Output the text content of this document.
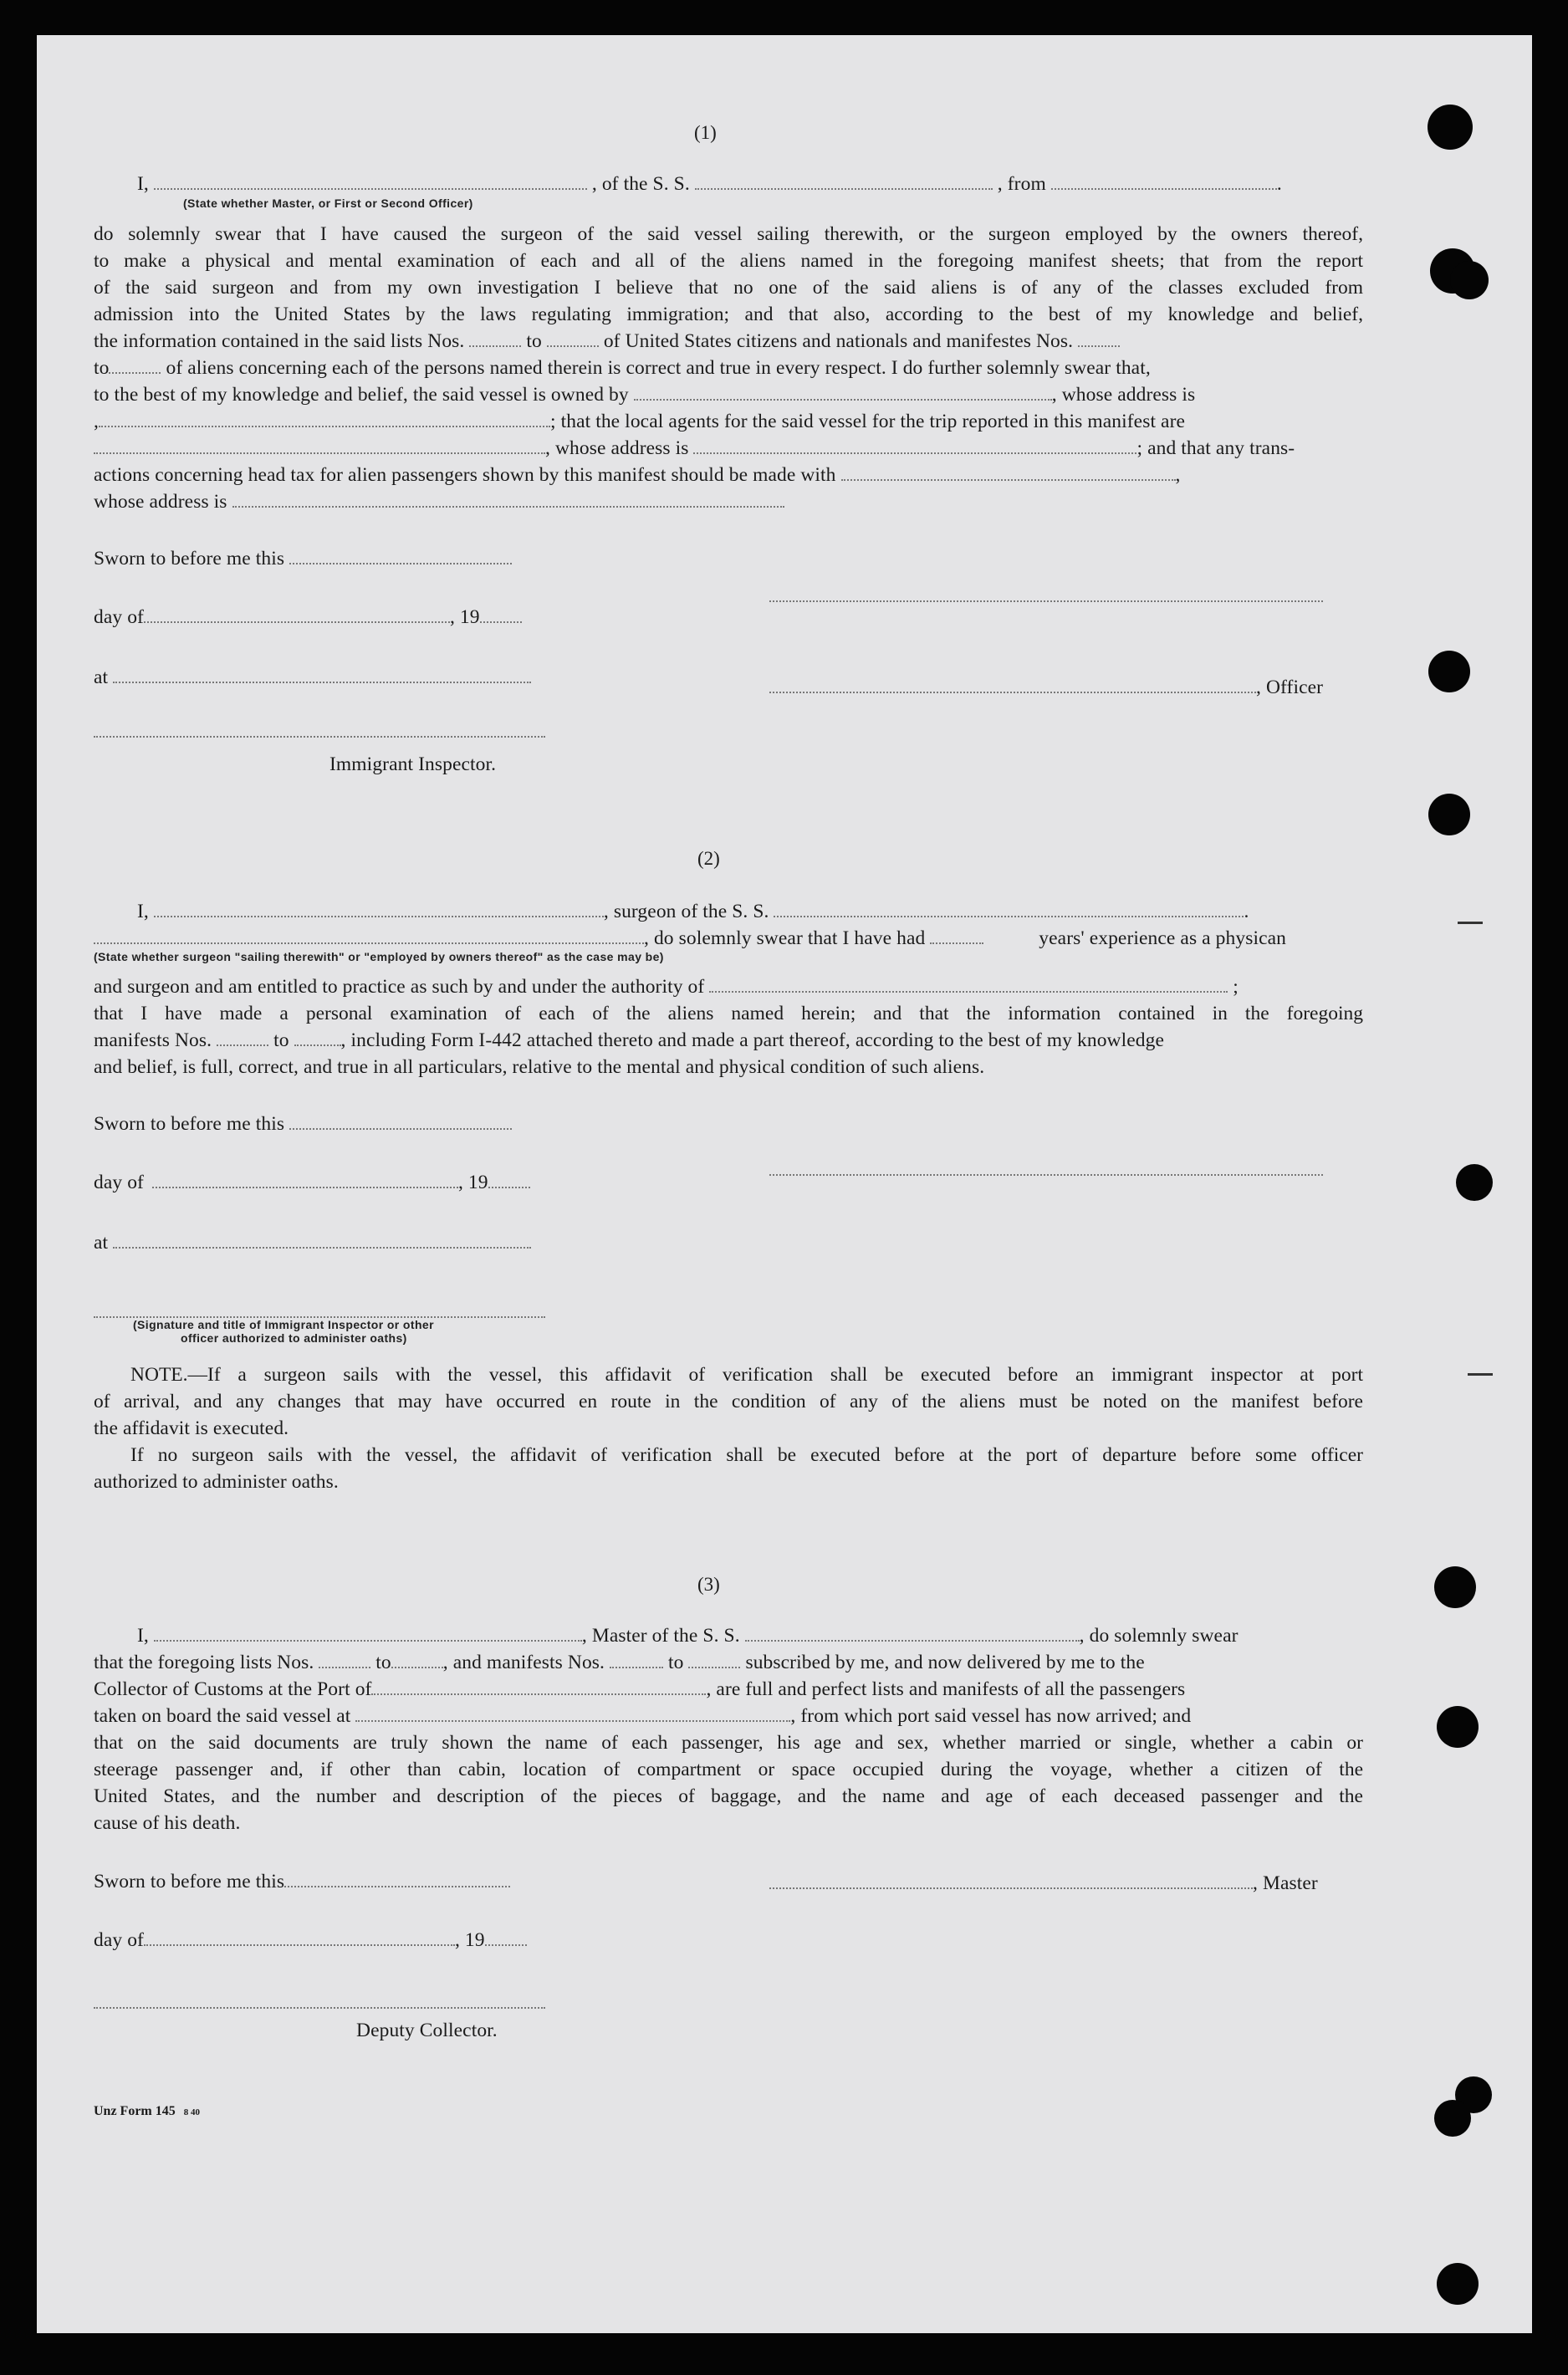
(1)
I,	, of the S. S.	, from	.
(State whether Master, or First or Second Officer)
do solemnly swear that I have caused the surgeon of the said vessel sailing therewith, or the surgeon employed by the owners thereof,
to make a physical and mental examination of each and all of the aliens named in the foregoing manifest sheets; that from the report
of the said surgeon and from my own investigation I believe that no one of the said aliens is of any of the classes excluded from
admission into the United States by the laws regulating immigration; and that also, according to the best of my knowledge and belief,
the information contained in the said lists Nos.	to	of United States citizens and nationals and manifestes Nos.
to	of aliens concerning each of the persons named therein is correct and true in every respect. I do further solemnly swear that,
to the best of my knowledge and belief, the said vessel is owned by	, whose address is
,	; that the local agents for the said vessel for the trip reported in this manifest are
, whose address is	; and that any trans-
actions concerning head tax for alien passengers shown by this manifest should be made with	,
whose address is
Sworn to before me this
day of	, 19
at	, Officer
Immigrant Inspector.
(2)
I,	, surgeon of the S. S.	.
, do solemnly swear that I have had	years' experience as a physican
(State whether surgeon "sailing therewith" or "employed by owners thereof" as the case may be)
and surgeon and am entitled to practice as such by and under the authority of	;
that I have made a personal examination of each of the aliens named herein; and that the information contained in the foregoing
manifests Nos.	to	, including Form I-442 attached thereto and made a part thereof, according to the best of my knowledge
and belief, is full, correct, and true in all particulars, relative to the mental and physical condition of such aliens.
Sworn to before me this
day of	, 19
at
(Signature and title of Immigrant Inspector or other
officer authorized to administer oaths)
NOTE.—If a surgeon sails with the vessel, this affidavit of verification shall be executed before an immigrant inspector at port
of arrival, and any changes that may have occurred en route in the condition of any of the aliens must be noted on the manifest before
the affidavit is executed.
If no surgeon sails with the vessel, the affidavit of verification shall be executed before at the port of departure before some officer
authorized to administer oaths.
(3)
I,	, Master of the S. S.	, do solemnly swear
that the foregoing lists Nos.	to	, and manifests Nos.	to	subscribed by me, and now delivered by me to the
Collector of Customs at the Port of	, are full and perfect lists and manifests of all the passengers
taken on board the said vessel at	, from which port said vessel has now arrived; and
that on the said documents are truly shown the name of each passenger, his age and sex, whether married or single, whether a cabin or
steerage passenger and, if other than cabin, location of compartment or space occupied during the voyage, whether a citizen of the
United States, and the number and description of the pieces of baggage, and the name and age of each deceased passenger and the
cause of his death.
Sworn to before me this	, Master
day of	, 19
Deputy Collector.
Unz Form 145 8 40
